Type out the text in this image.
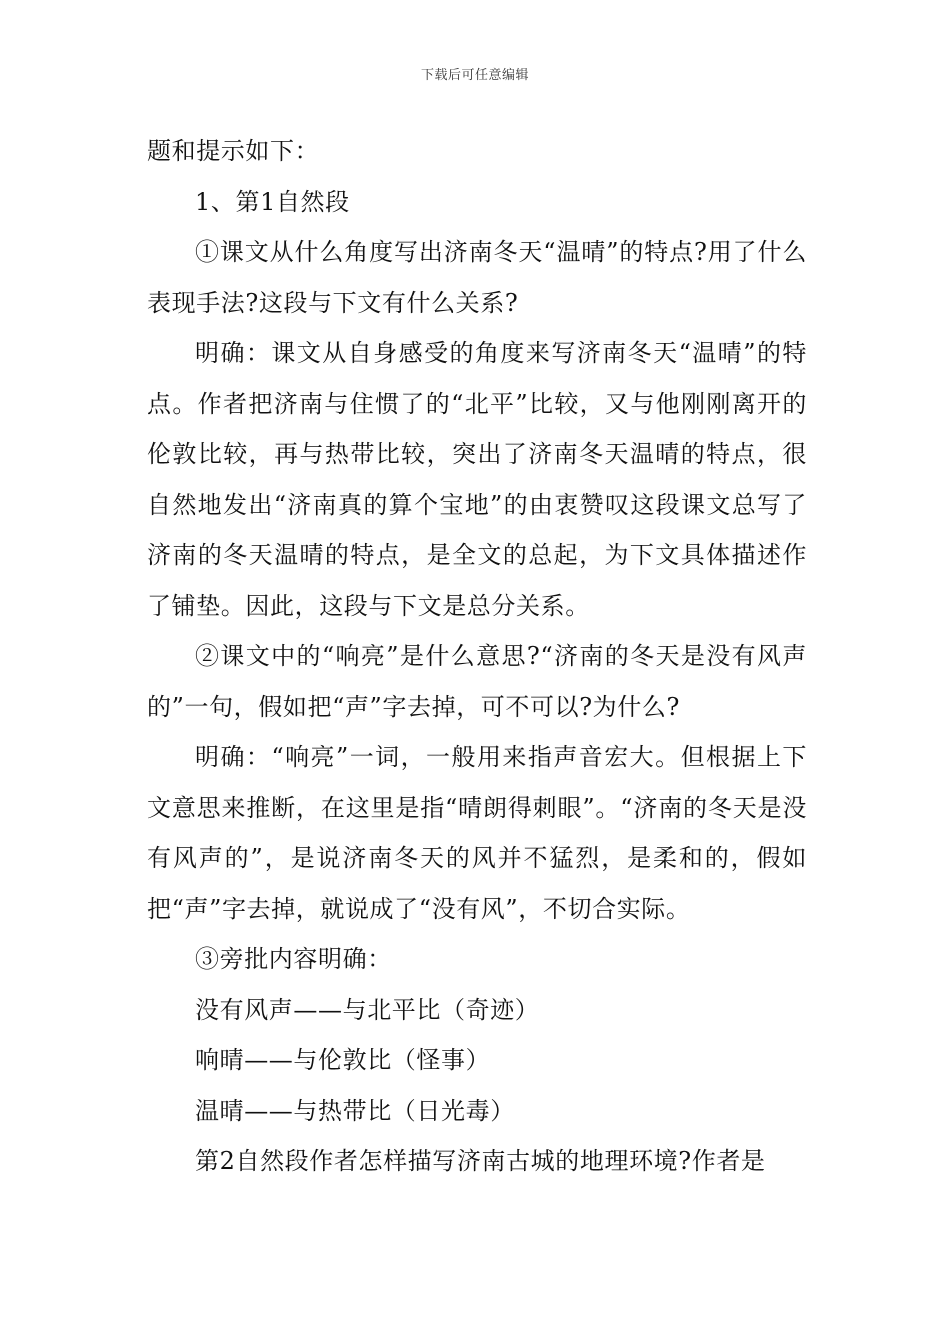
下载后可任意编辑

题和提示如下：

1、第1自然段

①课文从什么角度写出济南冬天“温晴”的特点?用了什么表现手法?这段与下文有什么关系?

明确：课文从自身感受的角度来写济南冬天“温晴”的特点。作者把济南与住惯了的“北平”比较，又与他刚刚离开的伦敦比较，再与热带比较，突出了济南冬天温晴的特点，很自然地发出“济南真的算个宝地”的由衷赞叹这段课文总写了济南的冬天温晴的特点，是全文的总起，为下文具体描述作了铺垫。因此，这段与下文是总分关系。

②课文中的“响亮”是什么意思?“济南的冬天是没有风声的”一句，假如把“声”字去掉，可不可以?为什么?

明确：“响亮”一词，一般用来指声音宏大。但根据上下文意思来推断，在这里是指“晴朗得刺眼”。“济南的冬天是没有风声的”，是说济南冬天的风并不猛烈，是柔和的，假如把“声”字去掉，就说成了“没有风”，不切合实际。

③旁批内容明确：

没有风声——与北平比（奇迹）

响晴——与伦敦比（怪事）

温晴——与热带比（日光毒）

第2自然段作者怎样描写济南古城的地理环境?作者是
